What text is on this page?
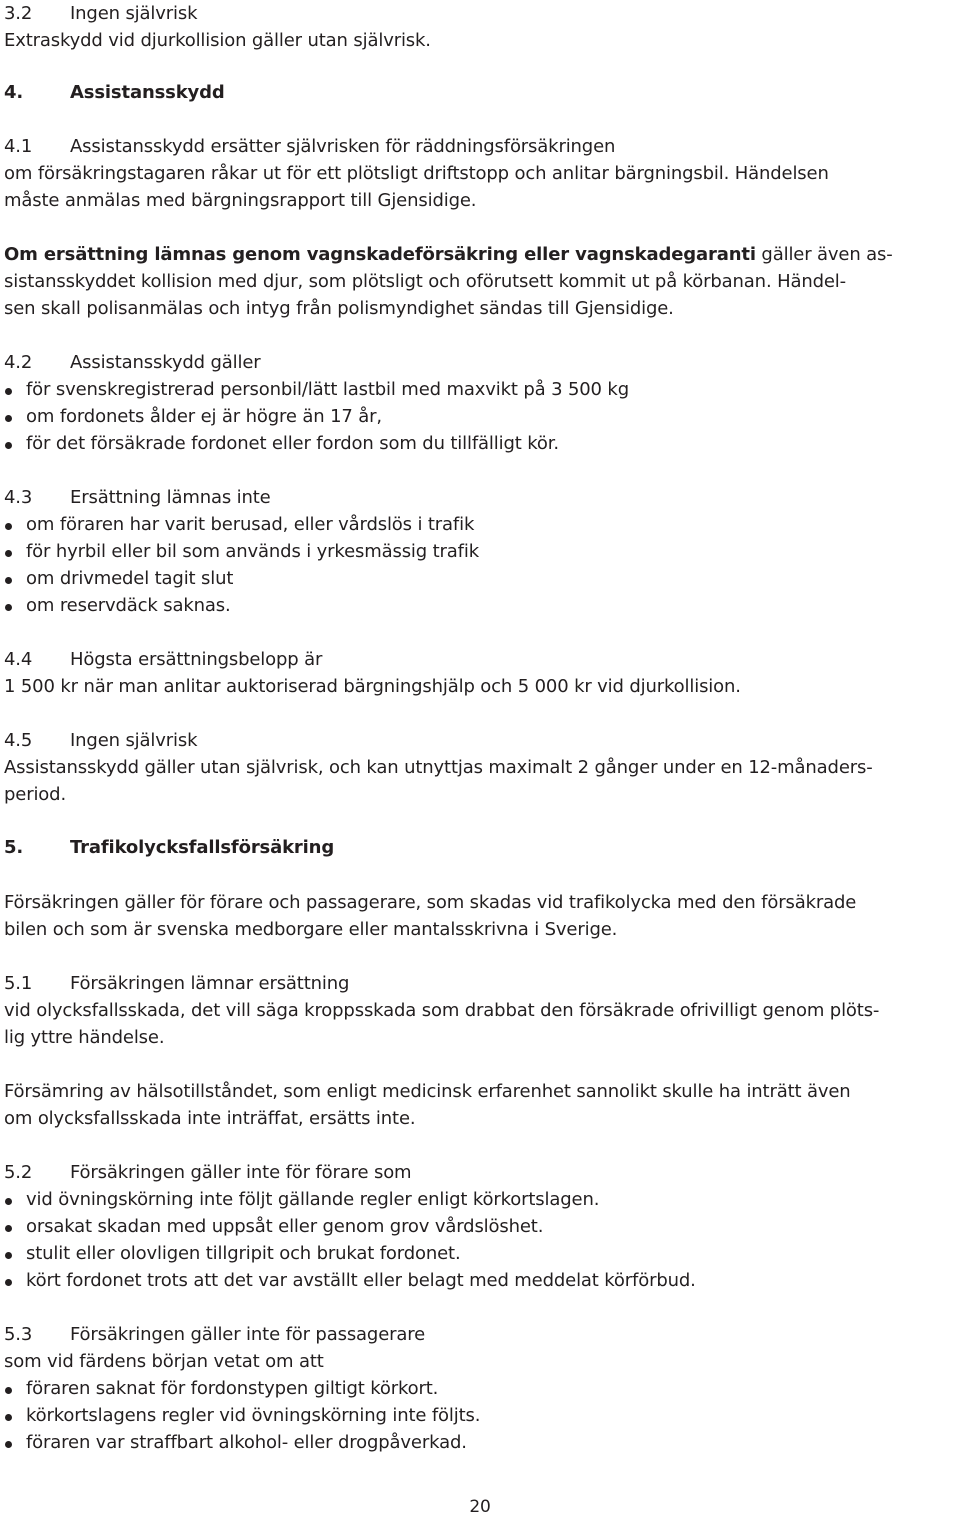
3.2 Ingen självrisk
Extraskydd vid djurkollision gäller utan självrisk.
4.	Assistansskydd
4.1 Assistansskydd ersätter självrisken för räddningsförsäkringen
om försäkringstagaren råkar ut för ett plötsligt driftstopp och anlitar bärgningsbil. Händelsen
måste anmälas med bärgningsrapport till Gjensidige.
Om ersättning lämnas genom vagnskadeförsäkring eller vagnskadegaranti gäller även as-
sistansskyddet kollision med djur, som plötsligt och oförutsett kommit ut på körbanan. Händel-
sen skall polisanmälas och intyg från polismyndighet sändas till Gjensidige.
4.2 Assistansskydd gäller
för svenskregistrerad personbil/lätt lastbil med maxvikt på 3 500 kg
om fordonets ålder ej är högre än 17 år,
för det försäkrade fordonet eller fordon som du tillfälligt kör.
4.3 Ersättning lämnas inte
om föraren har varit berusad, eller vårdslös i trafik
för hyrbil eller bil som används i yrkesmässig trafik
om drivmedel tagit slut
om reservdäck saknas.
4.4 Högsta ersättningsbelopp är
1 500 kr när man anlitar auktoriserad bärgningshjälp och 5 000 kr vid djurkollision.
4.5 Ingen självrisk
Assistansskydd gäller utan självrisk, och kan utnyttjas maximalt 2 gånger under en 12-månaders-
period.
5.	Trafikolycksfallsförsäkring
Försäkringen gäller för förare och passagerare, som skadas vid trafikolycka med den försäkrade
bilen och som är svenska medborgare eller mantalsskrivna i Sverige.
5.1 Försäkringen lämnar ersättning
vid olycksfallsskada, det vill säga kroppsskada som drabbat den försäkrade ofrivilligt genom plöts-
lig yttre händelse.
Försämring av hälsotillståndet, som enligt medicinsk erfarenhet sannolikt skulle ha inträtt även
om olycksfallsskada inte inträffat, ersätts inte.
5.2 Försäkringen gäller inte för förare som
vid övningskörning inte följt gällande regler enligt körkortslagen.
orsakat skadan med uppsåt eller genom grov vårdslöshet.
stulit eller olovligen tillgripit och brukat fordonet.
kört fordonet trots att det var avställt eller belagt med meddelat körförbud.
5.3 Försäkringen gäller inte för passagerare
som vid färdens början vetat om att
föraren saknat för fordonstypen giltigt körkort.
körkortslagens regler vid övningskörning inte följts.
föraren var straffbart alkohol- eller drogpåverkad.
20
